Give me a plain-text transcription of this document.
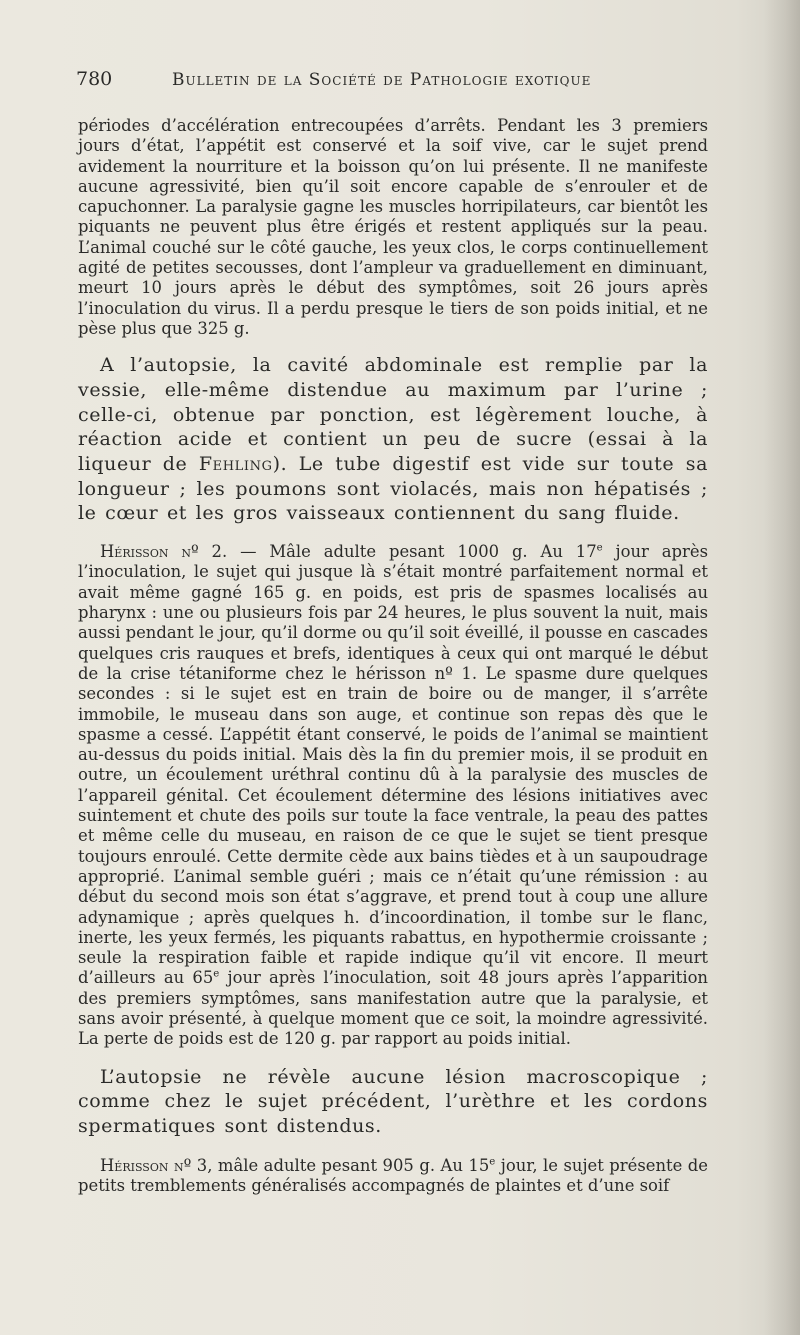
780	Bulletin de la Société de Pathologie exotique

périodes d’accélération entrecoupées d’arrêts. Pendant les 3 premiers jours d’état, l’appétit est conservé et la soif vive, car le sujet prend avidement la nourriture et la boisson qu’on lui présente. Il ne manifeste aucune agressivité, bien qu’il soit encore capable de s’enrouler et de capuchonner. La paralysie gagne les muscles horripilateurs, car bientôt les piquants ne peuvent plus être érigés et restent appliqués sur la peau. L’animal couché sur le côté gauche, les yeux clos, le corps continuellement agité de petites secousses, dont l’ampleur va graduellement en diminuant, meurt 10 jours après le début des symptômes, soit 26 jours après l’inoculation du virus. Il a perdu presque le tiers de son poids initial, et ne pèse plus que 325 g.

A l’autopsie, la cavité abdominale est remplie par la vessie, elle-même distendue au maximum par l’urine ; celle-ci, obtenue par ponction, est légèrement louche, à réaction acide et contient un peu de sucre (essai à la liqueur de Fehling). Le tube digestif est vide sur toute sa longueur ; les poumons sont violacés, mais non hépatisés ; le cœur et les gros vaisseaux contiennent du sang fluide.

Hérisson nº 2. — Mâle adulte pesant 1000 g. Au 17e jour après l’inoculation, le sujet qui jusque là s’était montré parfaitement normal et avait même gagné 165 g. en poids, est pris de spasmes localisés au pharynx : une ou plusieurs fois par 24 heures, le plus souvent la nuit, mais aussi pendant le jour, qu’il dorme ou qu’il soit éveillé, il pousse en cascades quelques cris rauques et brefs, identiques à ceux qui ont marqué le début de la crise tétaniforme chez le hérisson nº 1. Le spasme dure quelques secondes : si le sujet est en train de boire ou de manger, il s’arrête immobile, le museau dans son auge, et continue son repas dès que le spasme a cessé. L’appétit étant conservé, le poids de l’animal se maintient au-dessus du poids initial. Mais dès la fin du premier mois, il se produit en outre, un écoulement uréthral continu dû à la paralysie des muscles de l’appareil génital. Cet écoulement détermine des lésions initiatives avec suintement et chute des poils sur toute la face ventrale, la peau des pattes et même celle du museau, en raison de ce que le sujet se tient presque toujours enroulé. Cette dermite cède aux bains tièdes et à un saupoudrage approprié. L’animal semble guéri ; mais ce n’était qu’une rémission : au début du second mois son état s’aggrave, et prend tout à coup une allure adynamique ; après quelques h. d’incoordination, il tombe sur le flanc, inerte, les yeux fermés, les piquants rabattus, en hypothermie croissante ; seule la respiration faible et rapide indique qu’il vit encore. Il meurt d’ailleurs au 65e jour après l’inoculation, soit 48 jours après l’apparition des premiers symptômes, sans manifestation autre que la paralysie, et sans avoir présenté, à quelque moment que ce soit, la moindre agressivité. La perte de poids est de 120 g. par rapport au poids initial.

L’autopsie ne révèle aucune lésion macroscopique ; comme chez le sujet précédent, l’urèthre et les cordons spermatiques sont distendus.

Hérisson nº 3, mâle adulte pesant 905 g. Au 15e jour, le sujet présente de petits tremblements généralisés accompagnés de plaintes et d’une soif
